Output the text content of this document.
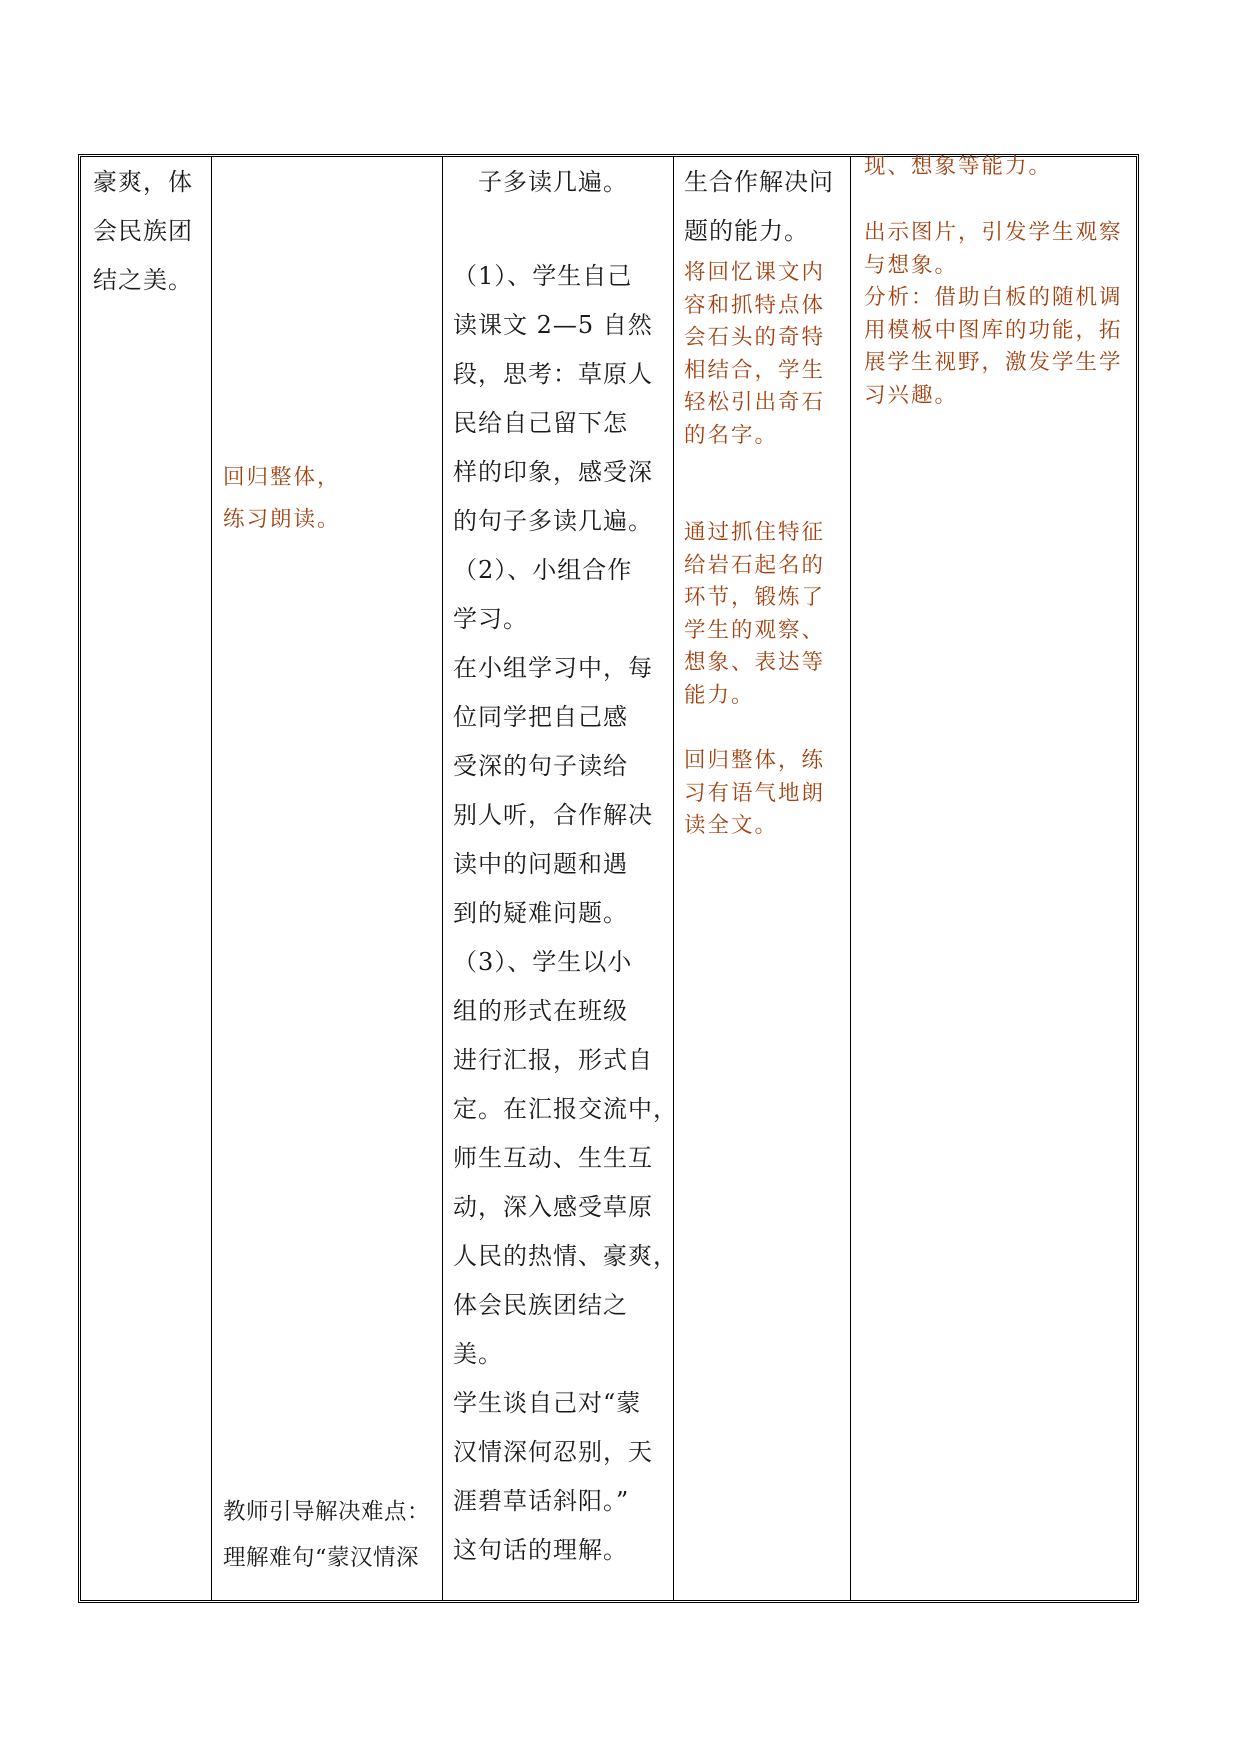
豪爽，体
会民族团
结之美。
回归整体，
练习朗读。
教师引导解决难点：
理解难句“蒙汉情深
　子多读几遍。
（1）、学生自己
读课文 2—5 自然
段，思考：草原人
民给自己留下怎
样的印象，感受深
的句子多读几遍。
（2）、小组合作
学习。
在小组学习中，每
位同学把自己感
受深的句子读给
别人听，合作解决
读中的问题和遇
到的疑难问题。
（3）、学生以小
组的形式在班级
进行汇报，形式自
定。在汇报交流中，
师生互动、生生互
动，深入感受草原
人民的热情、豪爽，
体会民族团结之
美。
学生谈自己对“蒙
汉情深何忍别，天
涯碧草话斜阳。”
这句话的理解。
生合作解决问
题的能力。
将回忆课文内
容和抓特点体
会石头的奇特
相结合，学生
轻松引出奇石
的名字。
通过抓住特征
给岩石起名的
环节，锻炼了
学生的观察、
想象、表达等
能力。
回归整体，练
习有语气地朗
读全文。
现、想象等能力。
出示图片，引发学生观察
与想象。
分析：借助白板的随机调
用模板中图库的功能，拓
展学生视野，激发学生学
习兴趣。
